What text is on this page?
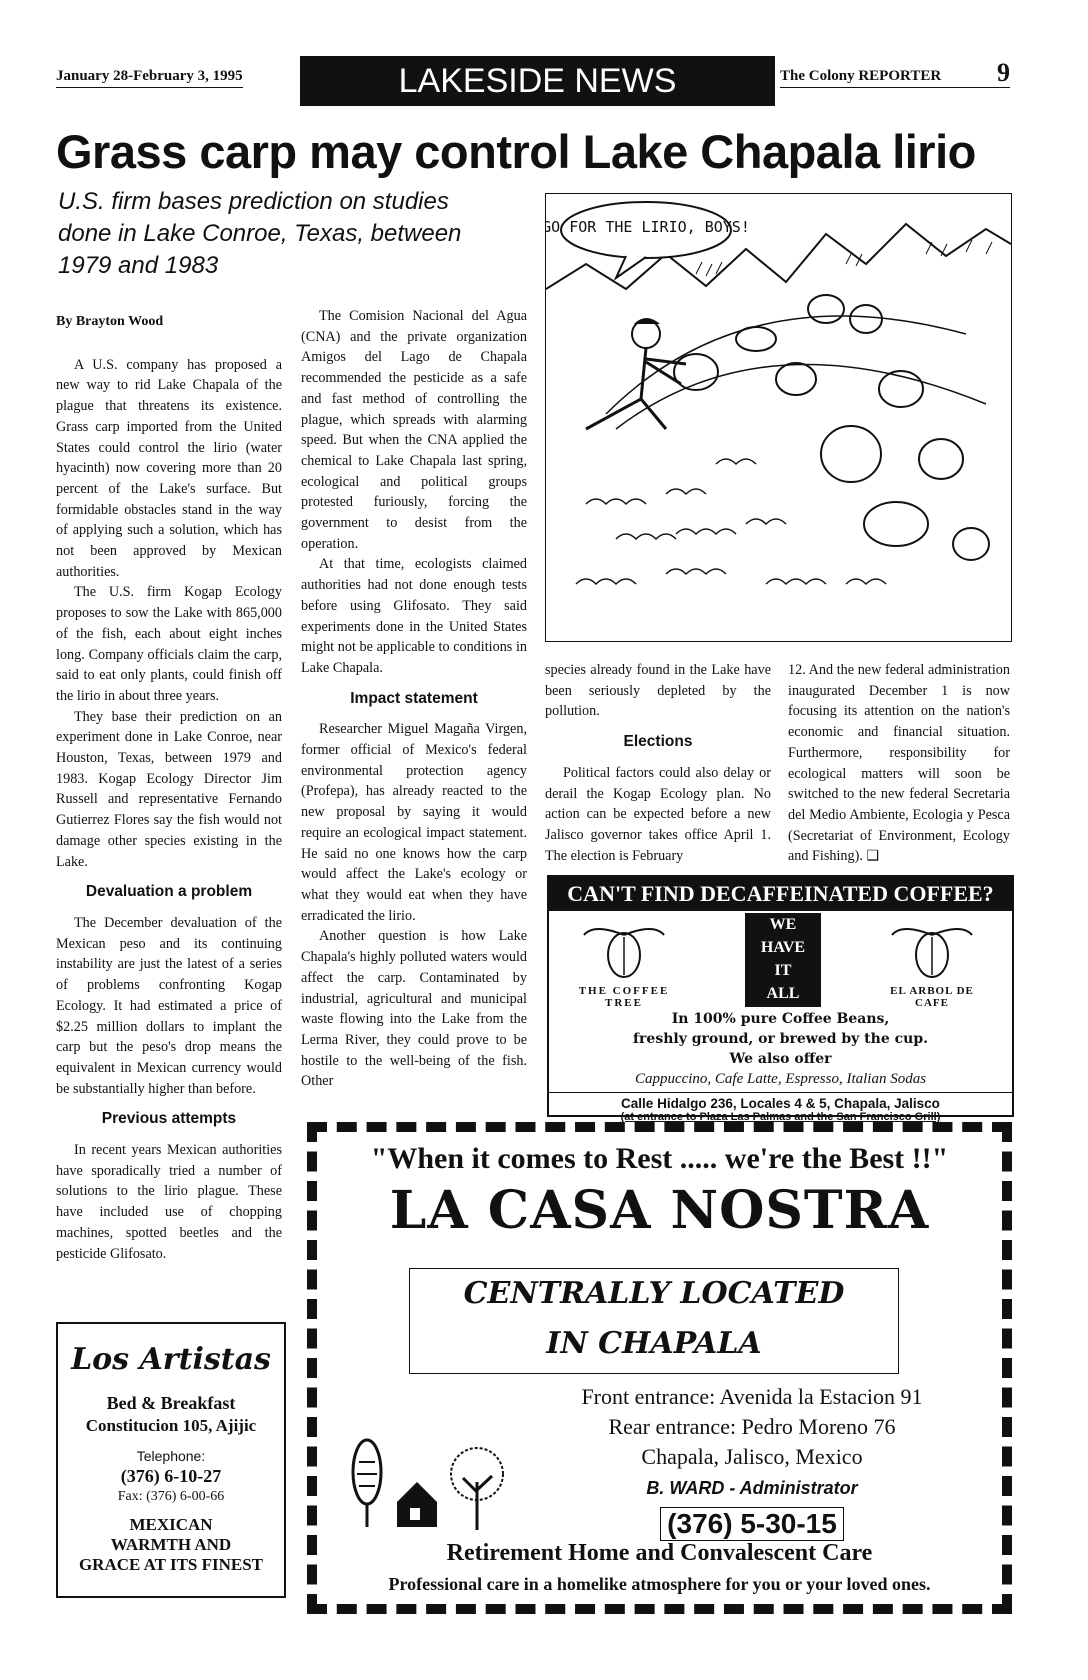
January 28-February 3, 1995	LAKESIDE NEWS	The Colony REPORTER 9
Grass carp may control Lake Chapala lirio
U.S. firm bases prediction on studies done in Lake Conroe, Texas, between 1979 and 1983
By Brayton Wood

A U.S. company has proposed a new way to rid Lake Chapala of the plague that threatens its existence. Grass carp imported from the United States could control the lirio (water hyacinth) now covering more than 20 percent of the Lake's surface. But formidable obstacles stand in the way of applying such a solution, which has not been approved by Mexican authorities.

The U.S. firm Kogap Ecology proposes to sow the Lake with 865,000 of the fish, each about eight inches long. Company officials claim the carp, said to eat only plants, could finish off the lirio in about three years.

They base their prediction on an experiment done in Lake Conroe, near Houston, Texas, between 1979 and 1983. Kogap Ecology Director Jim Russell and representative Fernando Gutierrez Flores say the fish would not damage other species existing in the Lake.

Devaluation a problem

The December devaluation of the Mexican peso and its continuing instability are just the latest of a series of problems confronting Kogap Ecology. It had estimated a price of $2.25 million dollars to implant the carp but the peso's drop means the equivalent in Mexican currency would be substantially higher than before.

Previous attempts

In recent years Mexican authorities have sporadically tried a number of solutions to the lirio plague. These have included use of chopping machines, spotted beetles and the pesticide Glifosato.

The Comision Nacional del Agua (CNA) and the private organization Amigos del Lago de Chapala recommended the pesticide as a safe and fast method of controlling the plague, which spreads with alarming speed. But when the CNA applied the chemical to Lake Chapala last spring, ecological and political groups protested furiously, forcing the government to desist from the operation.

At that time, ecologists claimed authorities had not done enough tests before using Glifosato. They said experiments done in the United States might not be applicable to conditions in Lake Chapala.

Impact statement

Researcher Miguel Magaña Virgen, former official of Mexico's federal environmental protection agency (Profepa), has already reacted to the new proposal by saying it would require an ecological impact statement. He said no one knows how the carp would affect the Lake's ecology or what they would eat when they have erradicated the lirio.

Another question is how Lake Chapala's highly polluted waters would affect the carp. Contaminated by industrial, agricultural and municipal waste flowing into the Lake from the Lerma River, they could prove to be hostile to the well-being of the fish. Other

GO FOR THE LIRIO, BOYS!

species already found in the Lake have been seriously depleted by the pollution.

Elections

Political factors could also delay or derail the Kogap Ecology plan. No action can be expected before a new Jalisco governor takes office April 1. The election is February

12. And the new federal administration inaugurated December 1 is now focusing its attention on the nation's economic and financial situation. Furthermore, responsibility for ecological matters will soon be switched to the new federal Secretaria del Medio Ambiente, Ecologia y Pesca (Secretariat of Environment, Ecology and Fishing). ❑

Los Artistas
Bed & Breakfast
Constitucion 105, Ajijic
Telephone:
(376) 6-10-27
Fax: (376) 6-00-66
MEXICAN
WARMTH AND
GRACE AT ITS FINEST
CAN'T FIND DECAFFEINATED COFFEE?
THE COFFEE TREE
WE
HAVE
IT
ALL	EL ARBOL DE CAFE
In 100% pure Coffee Beans,
freshly ground, or brewed by the cup.
We also offer
Cappuccino, Cafe Latte, Espresso, Italian Sodas
Calle Hidalgo 236, Locales 4 & 5, Chapala, Jalisco
(at entrance to Plaza Las Palmas and the San Francisco Grill)
"When it comes to Rest ..... we're the Best !!"
LA CASA NOSTRA
CENTRALLY LOCATED
IN CHAPALA
Front entrance: Avenida la Estacion 91
Rear entrance: Pedro Moreno 76
Chapala, Jalisco, Mexico
B. WARD - Administrator
(376) 5-30-15
Retirement Home and Convalescent Care
Professional care in a homelike atmosphere for you or your loved ones.
